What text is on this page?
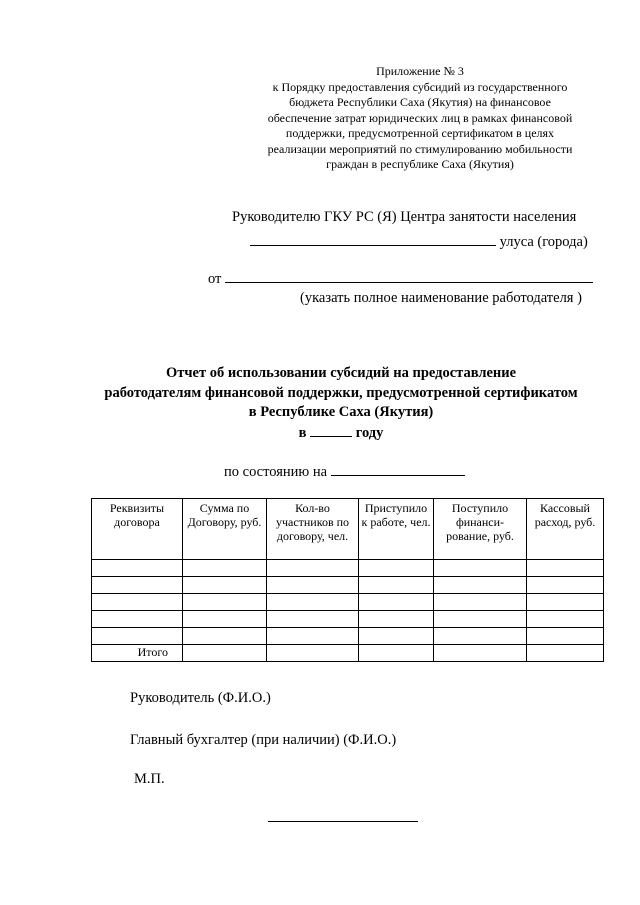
Приложение № 3
к Порядку предоставления субсидий из государственного
бюджета Республики Саха (Якутия) на финансовое
обеспечение затрат юридических лиц в рамках финансовой
поддержки, предусмотренной сертификатом в целях
реализации мероприятий по стимулированию мобильности
граждан в республике Саха (Якутия)
Руководителю ГКУ РС (Я) Центра занятости населения
улуса (города)
от
(указать полное наименование работодателя )
Отчет об использовании субсидий на предоставление
работодателям финансовой поддержки, предусмотренной сертификатом
в Республике Саха (Якутия)
в	году
по состоянию на
Реквизиты договора	Сумма по Договору, руб.	Кол-во участников по договору, чел.	Приступило к работе, чел.	Поступило финанси-рование, руб.	Кассовый расход, руб.

Итого					
Руководитель (Ф.И.О.)
Главный бухгалтер (при наличии) (Ф.И.О.)
М.П.
